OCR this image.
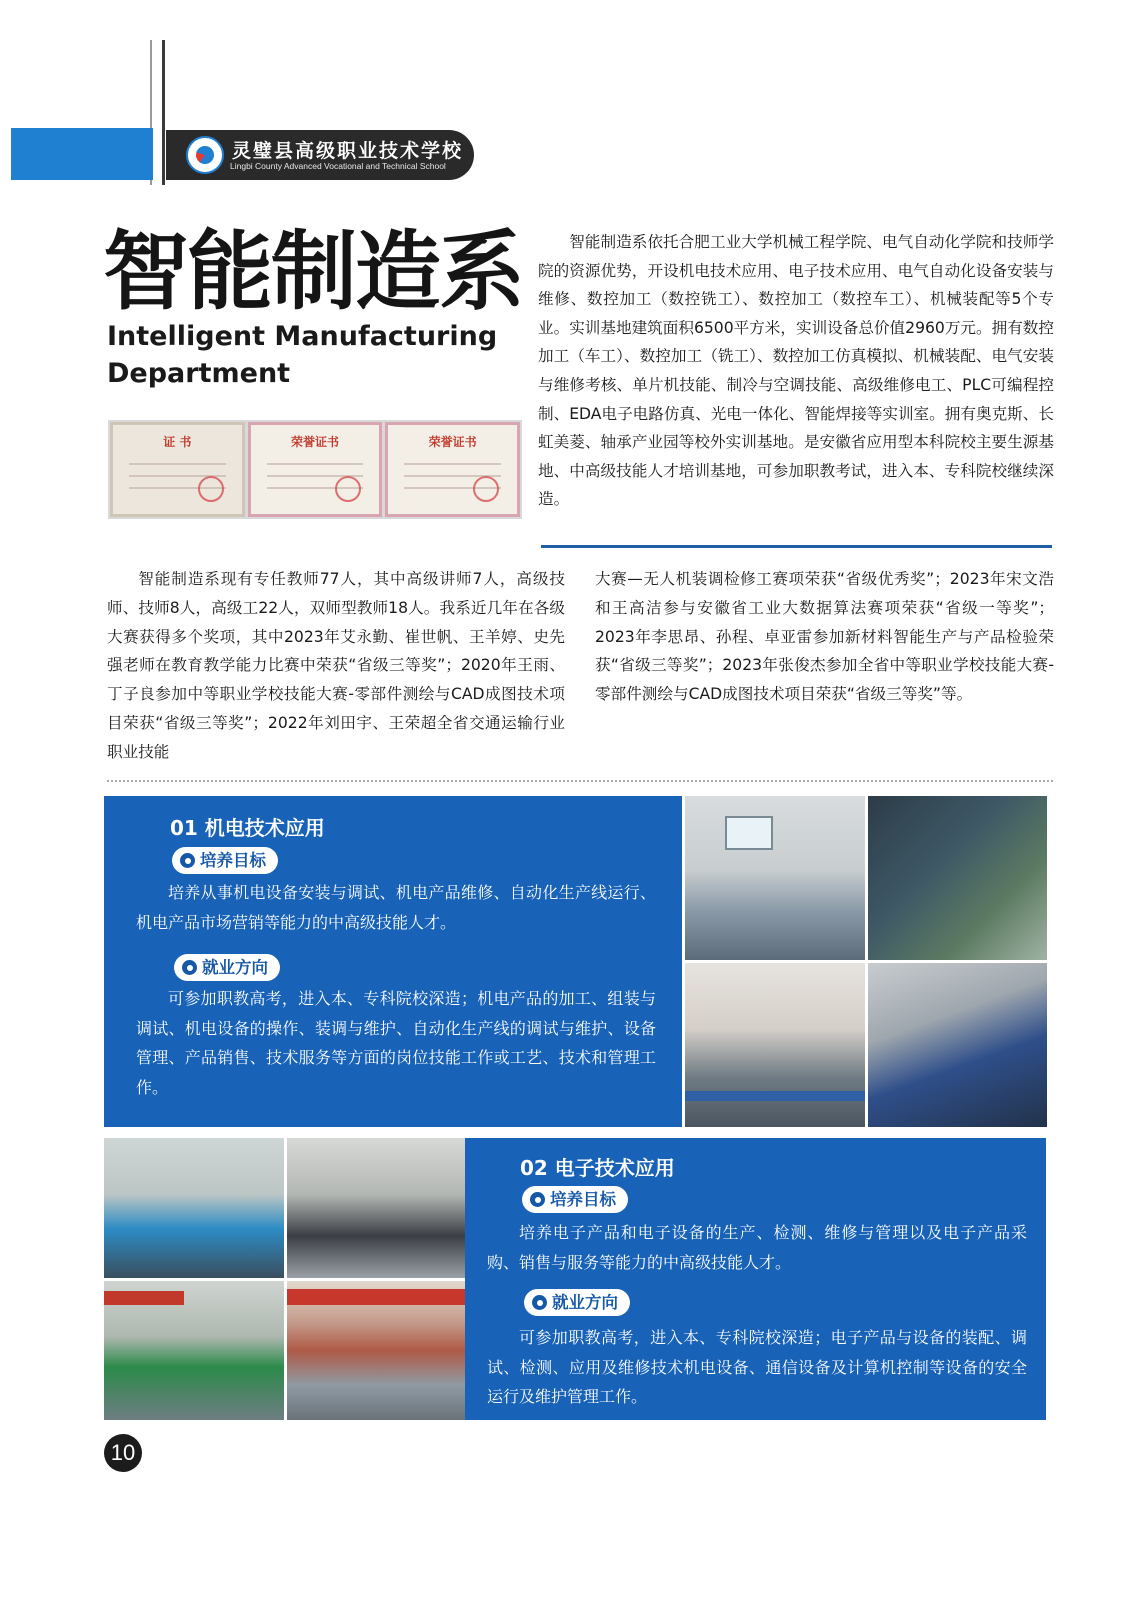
灵璧县高级职业技术学校
Lingbi County Advanced Vocational and Technical School
智能制造系
Intelligent Manufacturing
Department
证 书	荣誉证书	荣誉证书

智能制造系依托合肥工业大学机械工程学院、电气自动化学院和技师学院的资源优势，开设机电技术应用、电子技术应用、电气自动化设备安装与维修、数控加工（数控铣工）、数控加工（数控车工）、机械装配等5个专业。实训基地建筑面积6500平方米，实训设备总价值2960万元。拥有数控加工（车工）、数控加工（铣工）、数控加工仿真模拟、机械装配、电气安装与维修考核、单片机技能、制冷与空调技能、高级维修电工、PLC可编程控制、EDA电子电路仿真、光电一体化、智能焊接等实训室。拥有奥克斯、长虹美菱、轴承产业园等校外实训基地。是安徽省应用型本科院校主要生源基地、中高级技能人才培训基地，可参加职教考试，进入本、专科院校继续深造。

智能制造系现有专任教师77人，其中高级讲师7人，高级技师、技师8人，高级工22人，双师型教师18人。我系近几年在各级大赛获得多个奖项，其中2023年艾永勤、崔世帆、王羊婷、史先强老师在教育教学能力比赛中荣获“省级三等奖”；2020年王雨、丁子良参加中等职业学校技能大赛-零部件测绘与CAD成图技术项目荣获“省级三等奖”；2022年刘田宇、王荣超全省交通运输行业职业技能

大赛—无人机装调检修工赛项荣获“省级优秀奖”；2023年宋文浩和王高洁参与安徽省工业大数据算法赛项荣获“省级一等奖”；2023年李思昂、孙程、卓亚雷参加新材料智能生产与产品检验荣获“省级三等奖”；2023年张俊杰参加全省中等职业学校技能大赛-零部件测绘与CAD成图技术项目荣获“省级三等奖”等。

01 机电技术应用
培养目标

培养从事机电设备安装与调试、机电产品维修、自动化生产线运行、机电产品市场营销等能力的中高级技能人才。

就业方向

可参加职教高考，进入本、专科院校深造；机电产品的加工、组装与调试、机电设备的操作、装调与维护、自动化生产线的调试与维护、设备管理、产品销售、技术服务等方面的岗位技能工作或工艺、技术和管理工作。

02 电子技术应用
培养目标

培养电子产品和电子设备的生产、检测、维修与管理以及电子产品采购、销售与服务等能力的中高级技能人才。

就业方向

可参加职教高考，进入本、专科院校深造；电子产品与设备的装配、调试、检测、应用及维修技术机电设备、通信设备及计算机控制等设备的安全运行及维护管理工作。

10
